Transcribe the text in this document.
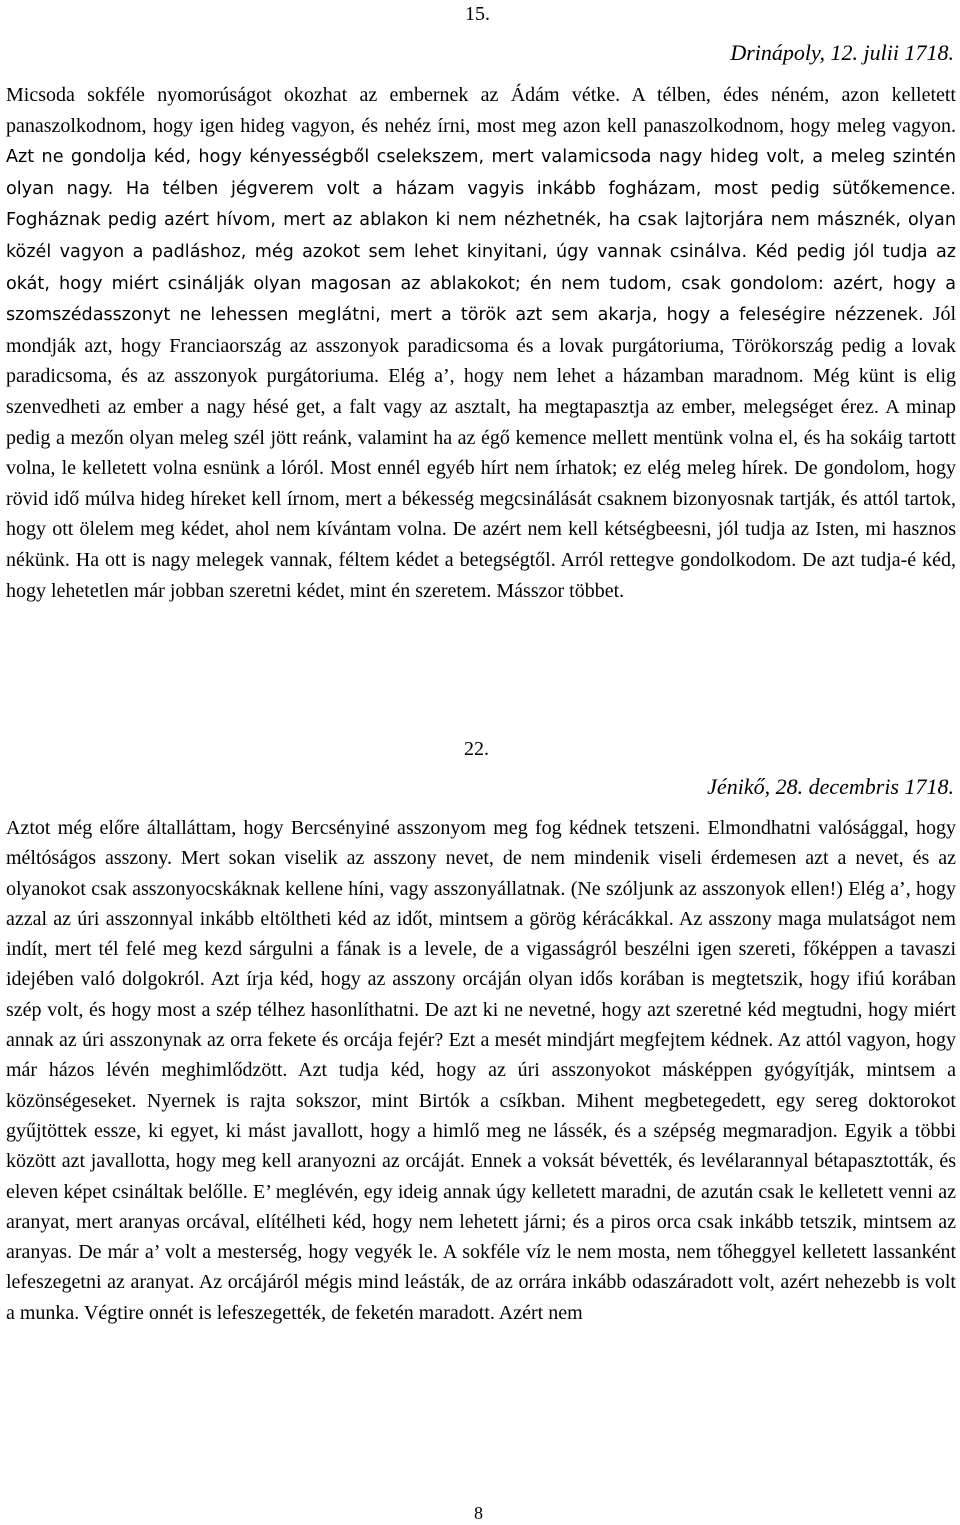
15.
Drinápoly, 12. julii 1718.
Micsoda sokféle nyomorúságot okozhat az embernek az Ádám vétke. A télben, édes néném, azon kelletett panaszolkodnom, hogy igen hideg vagyon, és nehéz írni, most meg azon kell panaszolkodnom, hogy meleg vagyon. Azt ne gondolja kéd, hogy kényességből cselekszem, mert valamicsoda nagy hideg volt, a meleg szintén olyan nagy. Ha télben jégverem volt a házam vagyis inkább fogházam, most pedig sütőkemence. Fogháznak pedig azért hívom, mert az ablakon ki nem nézhetnék, ha csak lajtorjára nem másznék, olyan közél vagyon a padláshoz, még azokot sem lehet kinyitani, úgy vannak csinálva. Kéd pedig jól tudja az okát, hogy miért csinálják olyan magosan az ablakokot; én nem tudom, csak gondolom: azért, hogy a szomszédasszonyt ne lehessen meglátni, mert a török azt sem akarja, hogy a feleségire nézzenek. Jól mondják azt, hogy Franciaország az asszonyok paradicsoma és a lovak purgátoriuma, Törökország pedig a lovak paradicsoma, és az asszonyok purgátoriuma. Elég a’, hogy nem lehet a házamban maradnom. Még künt is elig szenvedheti az ember a nagy hésé get, a falt vagy az asztalt, ha megtapasztja az ember, melegséget érez. A minap pedig a mezőn olyan meleg szél jött reánk, valamint ha az égő kemence mellett mentünk volna el, és ha sokáig tartott volna, le kelletett volna esnünk a lóról. Most ennél egyéb hírt nem írhatok; ez elég meleg hírek. De gondolom, hogy rövid idő múlva hideg híreket kell írnom, mert a békesség megcsinálását csaknem bizonyosnak tartják, és attól tartok, hogy ott ölelem meg kédet, ahol nem kívántam volna. De azért nem kell kétségbeesni, jól tudja az Isten, mi hasznos nékünk. Ha ott is nagy melegek vannak, féltem kédet a betegségtől. Arról rettegve gondolkodom. De azt tudja-é kéd, hogy lehetetlen már jobban szeretni kédet, mint én szeretem. Másszor többet.
22.
Jénikő, 28. decembris 1718.
Aztot még előre általláttam, hogy Bercsényiné asszonyom meg fog kédnek tetszeni. Elmondhatni valósággal, hogy méltóságos asszony. Mert sokan viselik az asszony nevet, de nem mindenik viseli érdemesen azt a nevet, és az olyanokot csak asszonyocskáknak kellene híni, vagy asszonyállatnak. (Ne szóljunk az asszonyok ellen!) Elég a’, hogy azzal az úri asszonnyal inkább eltöltheti kéd az időt, mintsem a görög kérácákkal. Az asszony maga mulatságot nem indít, mert tél felé meg kezd sárgulni a fának is a levele, de a vigasságról beszélni igen szereti, főképpen a tavaszi idejében való dolgokról. Azt írja kéd, hogy az asszony orcáján olyan idős korában is megtetszik, hogy ifiú korában szép volt, és hogy most a szép télhez hasonlíthatni. De azt ki ne nevetné, hogy azt szeretné kéd megtudni, hogy miért annak az úri asszonynak az orra fekete és orcája fejér? Ezt a mesét mindjárt megfejtem kédnek. Az attól vagyon, hogy már házos lévén meghimlődzött. Azt tudja kéd, hogy az úri asszonyokot másképpen gyógyítják, mintsem a közönségeseket. Nyernek is rajta sokszor, mint Birtók a csíkban. Mihent megbetegedett, egy sereg doktorokot gyűjtöttek essze, ki egyet, ki mást javallott, hogy a himlő meg ne lássék, és a szépség megmaradjon. Egyik a többi között azt javallotta, hogy meg kell aranyozni az orcáját. Ennek a voksát bévették, és levélarannyal bétapasztották, és eleven képet csináltak belőlle. E’ meglévén, egy ideig annak úgy kelletett maradni, de azután csak le kelletett venni az aranyat, mert aranyas orcával, elítélheti kéd, hogy nem lehetett járni; és a piros orca csak inkább tetszik, mintsem az aranyas. De már a’ volt a mesterség, hogy vegyék le. A sokféle víz le nem mosta, nem tőheggyel kelletett lassanként lefeszegetni az aranyat. Az orcájáról mégis mind leásták, de az orrára inkább odaszáradott volt, azért nehezebb is volt a munka. Végtire onnét is lefeszegették, de feketén maradott. Azért nem
8
